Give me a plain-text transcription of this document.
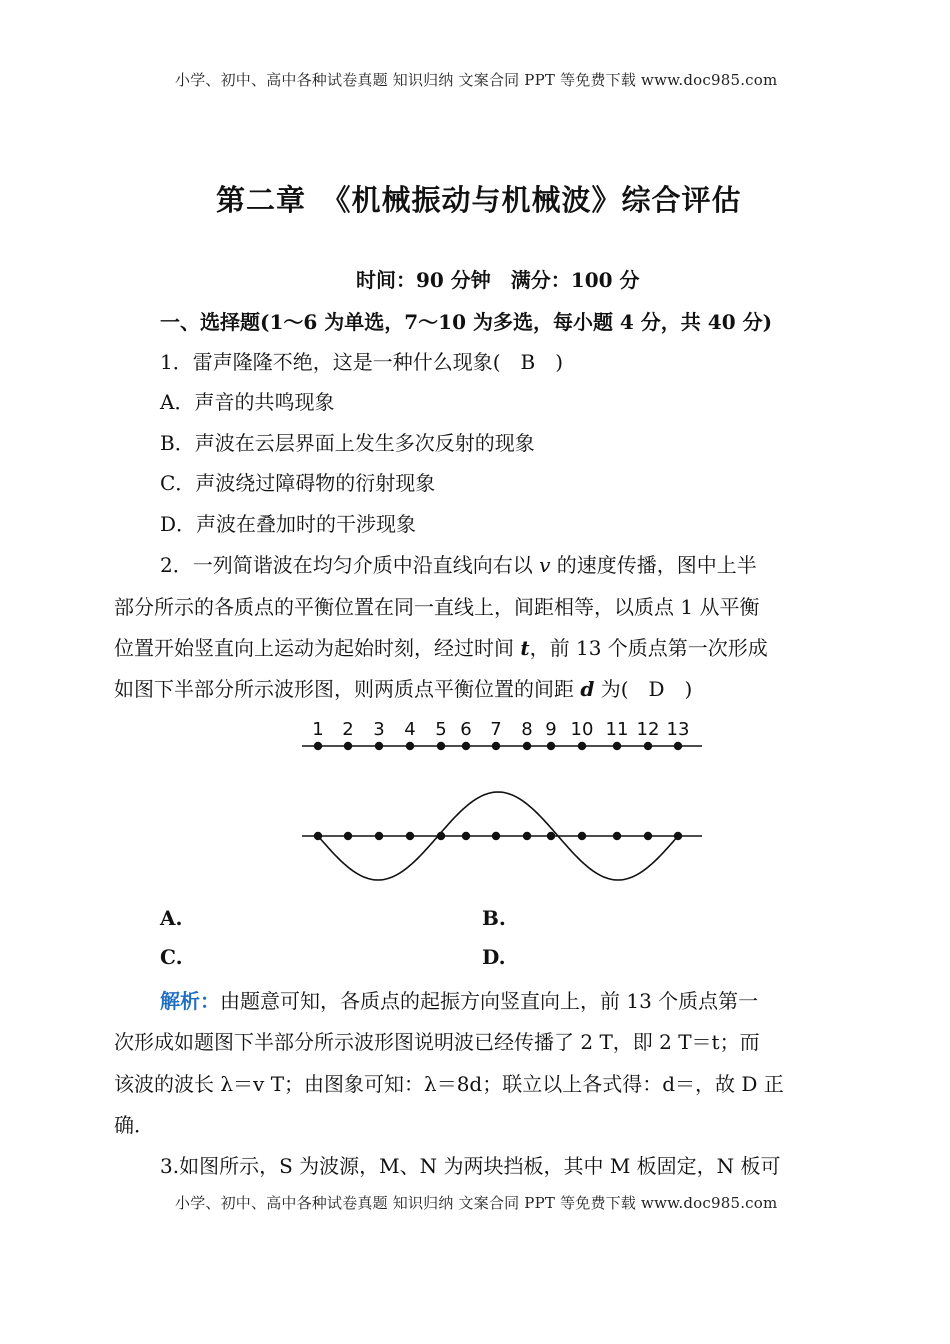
小学、初中、高中各种试卷真题 知识归纳 文案合同 PPT 等免费下载 www.doc985.com
第二章　《机械振动与机械波》综合评估
时间：90 分钟　满分：100 分
一、选择题(1～6 为单选，7～10 为多选，每小题 4 分，共 40 分)
1．雷声隆隆不绝，这是一种什么现象(　B　)
A．声音的共鸣现象
B．声波在云层界面上发生多次反射的现象
C．声波绕过障碍物的衍射现象
D．声波在叠加时的干涉现象
2．一列简谐波在均匀介质中沿直线向右以 v 的速度传播，图中上半
部分所示的各质点的平衡位置在同一直线上，间距相等，以质点 1 从平衡
位置开始竖直向上运动为起始时刻，经过时间 t，前 13 个质点第一次形成
如图下半部分所示波形图，则两质点平衡位置的间距 d 为(　D　)
1 2 3 4 5 6 7 8 9 10 11 12 13
A.	B.
C.	D.
解析：由题意可知，各质点的起振方向竖直向上，前 13 个质点第一
次形成如题图下半部分所示波形图说明波已经传播了 2 T，即 2 T＝t；而
该波的波长 λ＝v T；由图象可知：λ＝8d；联立以上各式得：d＝，故 D 正
确．
3.如图所示，S 为波源，M、N 为两块挡板，其中 M 板固定，N 板可
小学、初中、高中各种试卷真题 知识归纳 文案合同 PPT 等免费下载 www.doc985.com
